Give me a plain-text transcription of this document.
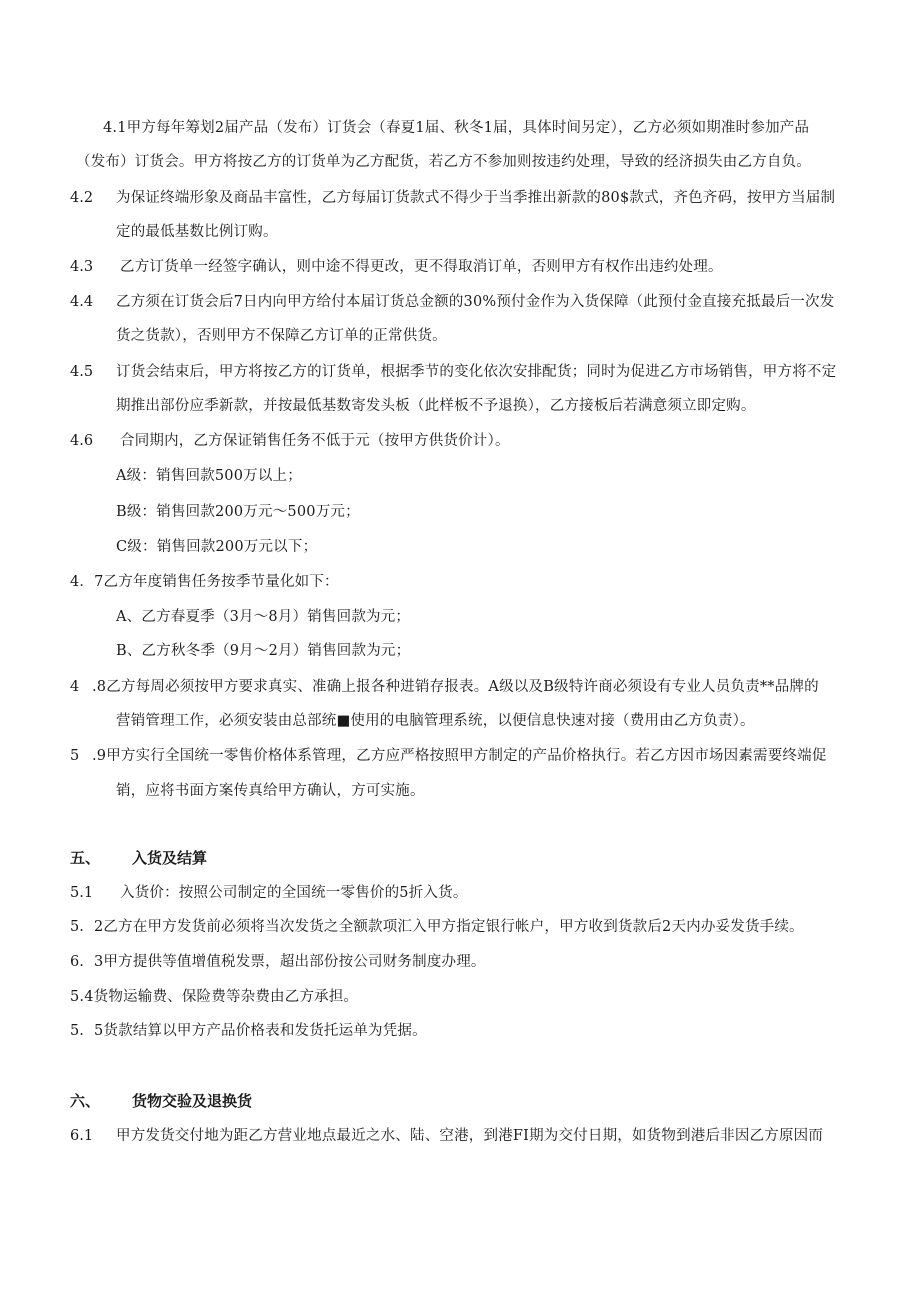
4.1甲方每年筹划2届产品（发布）订货会（春夏1届、秋冬1届，具体时间另定），乙方必须如期准时参加产品
（发布）订货会。甲方将按乙方的订货单为乙方配货，若乙方不参加则按违约处理，导致的经济损失由乙方自负。
4.2 为保证终端形象及商品丰富性，乙方每届订货款式不得少于当季推出新款的80$款式，齐色齐码，按甲方当届制
定的最低基数比例订购。
4.3 乙方订货单一经签字确认，则中途不得更改，更不得取消订单，否则甲方有权作出违约处理。
4.4 乙方须在订货会后7日内向甲方给付本届订货总金额的30%预付金作为入货保障（此预付金直接充抵最后一次发
货之货款），否则甲方不保障乙方订单的正常供货。
4.5 订货会结束后，甲方将按乙方的订货单，根据季节的变化依次安排配货；同时为促进乙方市场销售，甲方将不定
期推出部份应季新款，并按最低基数寄发头板（此样板不予退换），乙方接板后若满意须立即定购。
4.6 合同期内，乙方保证销售任务不低于元（按甲方供货价计）。
A级：销售回款500万以上；
B级：销售回款200万元～500万元；
C级：销售回款200万元以下；
4．7乙方年度销售任务按季节量化如下：
A、乙方春夏季（3月～8月）销售回款为元；
B、乙方秋冬季（9月～2月）销售回款为元；
4 .8乙方每周必须按甲方要求真实、准确上报各种进销存报表。A级以及B级特许商必须设有专业人员负责**品牌的
营销管理工作，必须安装由总部统■使用的电脑管理系统，以便信息快速对接（费用由乙方负责）。
5 .9甲方实行全国统一零售价格体系管理，乙方应严格按照甲方制定的产品价格执行。若乙方因市场因素需要终端促
销，应将书面方案传真给甲方确认，方可实施。
五、 入货及结算
5.1 入货价：按照公司制定的全国统一零售价的5折入货。
5. 2乙方在甲方发货前必须将当次发货之全额款项汇入甲方指定银行帐户，甲方收到货款后2天内办妥发货手续。
6. 3甲方提供等值增值税发票，超出部份按公司财务制度办理。
5.4货物运输费、保险费等杂费由乙方承担。
5. 5货款结算以甲方产品价格表和发货托运单为凭据。
六、 货物交验及退换货
6.1 甲方发货交付地为距乙方营业地点最近之水、陆、空港，到港FI期为交付日期，如货物到港后非因乙方原因而
